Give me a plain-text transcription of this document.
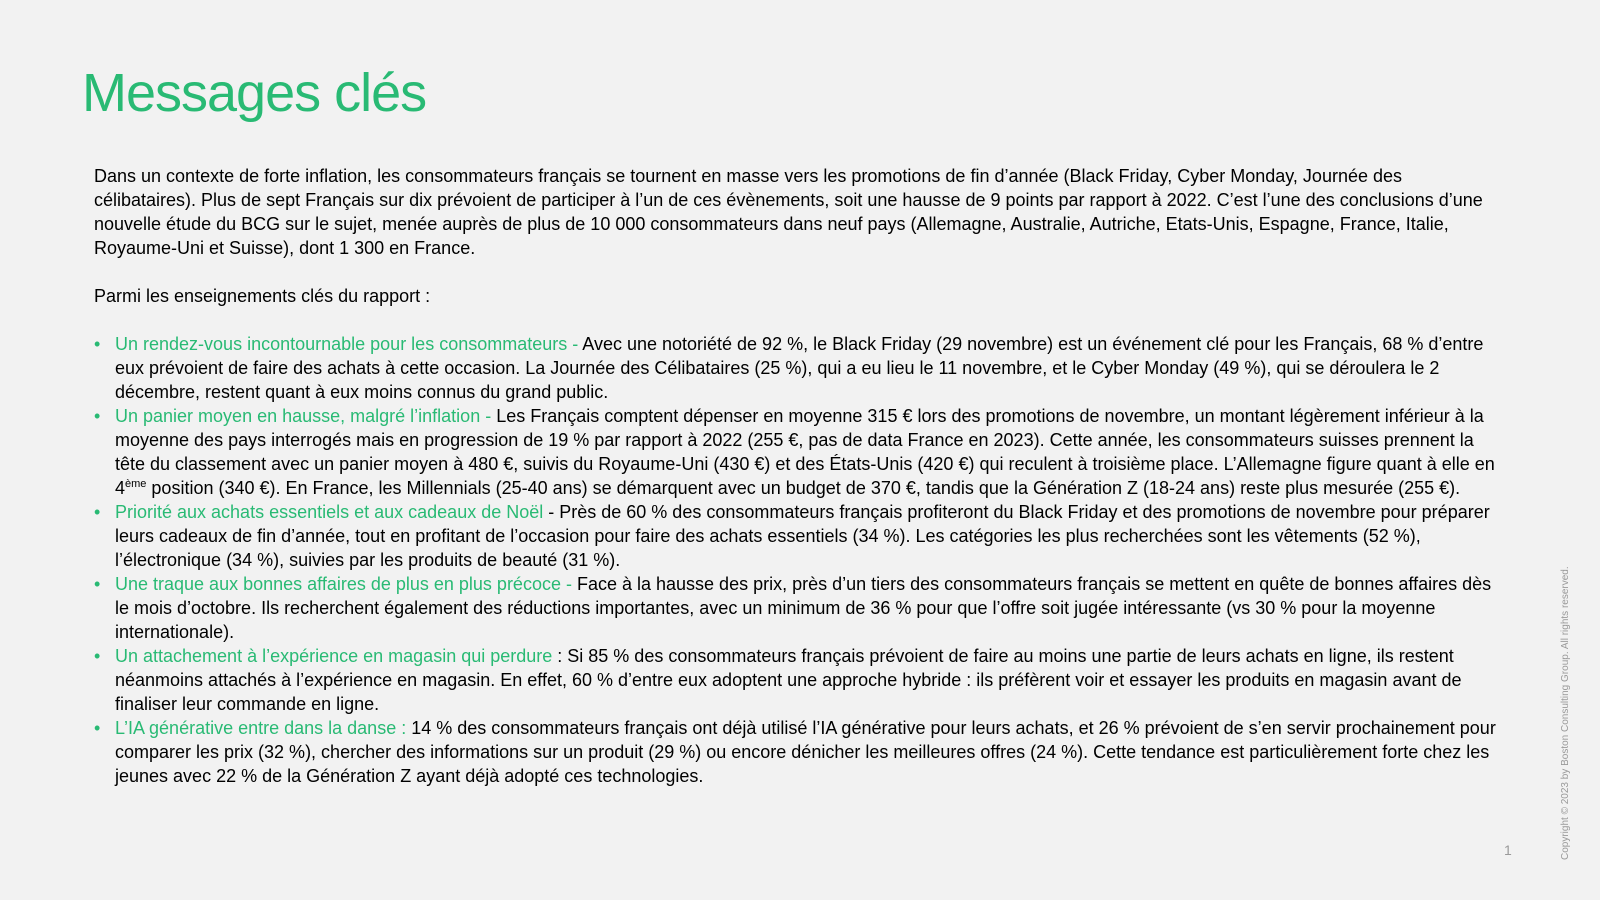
Messages clés

Dans un contexte de forte inflation, les consommateurs français se tournent en masse vers les promotions de fin d’année (Black Friday, Cyber Monday, Journée des célibataires). Plus de sept Français sur dix prévoient de participer à l’un de ces évènements, soit une hausse de 9 points par rapport à 2022. C’est l’une des conclusions d’une nouvelle étude du BCG sur le sujet, menée auprès de plus de 10 000 consommateurs dans neuf pays (Allemagne, Australie, Autriche, Etats-Unis, Espagne, France, Italie, Royaume-Uni et Suisse), dont 1 300 en France.

Parmi les enseignements clés du rapport :

• Un rendez-vous incontournable pour les consommateurs - Avec une notoriété de 92 %, le Black Friday (29 novembre) est un événement clé pour les Français, 68 % d’entre eux prévoient de faire des achats à cette occasion. La Journée des Célibataires (25 %), qui a eu lieu le 11 novembre, et le Cyber Monday (49 %), qui se déroulera le 2 décembre, restent quant à eux moins connus du grand public.
• Un panier moyen en hausse, malgré l’inflation - Les Français comptent dépenser en moyenne 315 € lors des promotions de novembre, un montant légèrement inférieur à la moyenne des pays interrogés mais en progression de 19 % par rapport à 2022 (255 €, pas de data France en 2023). Cette année, les consommateurs suisses prennent la tête du classement avec un panier moyen à 480 €, suivis du Royaume-Uni (430 €) et des États-Unis (420 €) qui reculent à troisième place. L’Allemagne figure quant à elle en 4ème position (340 €). En France, les Millennials (25-40 ans) se démarquent avec un budget de 370 €, tandis que la Génération Z (18-24 ans) reste plus mesurée (255 €).
• Priorité aux achats essentiels et aux cadeaux de Noël - Près de 60 % des consommateurs français profiteront du Black Friday et des promotions de novembre pour préparer leurs cadeaux de fin d’année, tout en profitant de l’occasion pour faire des achats essentiels (34 %). Les catégories les plus recherchées sont les vêtements (52 %), l’électronique (34 %), suivies par les produits de beauté (31 %).
• Une traque aux bonnes affaires de plus en plus précoce - Face à la hausse des prix, près d’un tiers des consommateurs français se mettent en quête de bonnes affaires dès le mois d’octobre. Ils recherchent également des réductions importantes, avec un minimum de 36 % pour que l’offre soit jugée intéressante (vs 30 % pour la moyenne internationale).
• Un attachement à l’expérience en magasin qui perdure : Si 85 % des consommateurs français prévoient de faire au moins une partie de leurs achats en ligne, ils restent néanmoins attachés à l’expérience en magasin. En effet, 60 % d’entre eux adoptent une approche hybride : ils préfèrent voir et essayer les produits en magasin avant de finaliser leur commande en ligne.
• L’IA générative entre dans la danse : 14 % des consommateurs français ont déjà utilisé l’IA générative pour leurs achats, et 26 % prévoient de s’en servir prochainement pour comparer les prix (32 %), chercher des informations sur un produit (29 %) ou encore dénicher les meilleures offres (24 %). Cette tendance est particulièrement forte chez les jeunes avec 22 % de la Génération Z ayant déjà adopté ces technologies.
1	Copyright © 2023 by Boston Consulting Group. All rights reserved.
